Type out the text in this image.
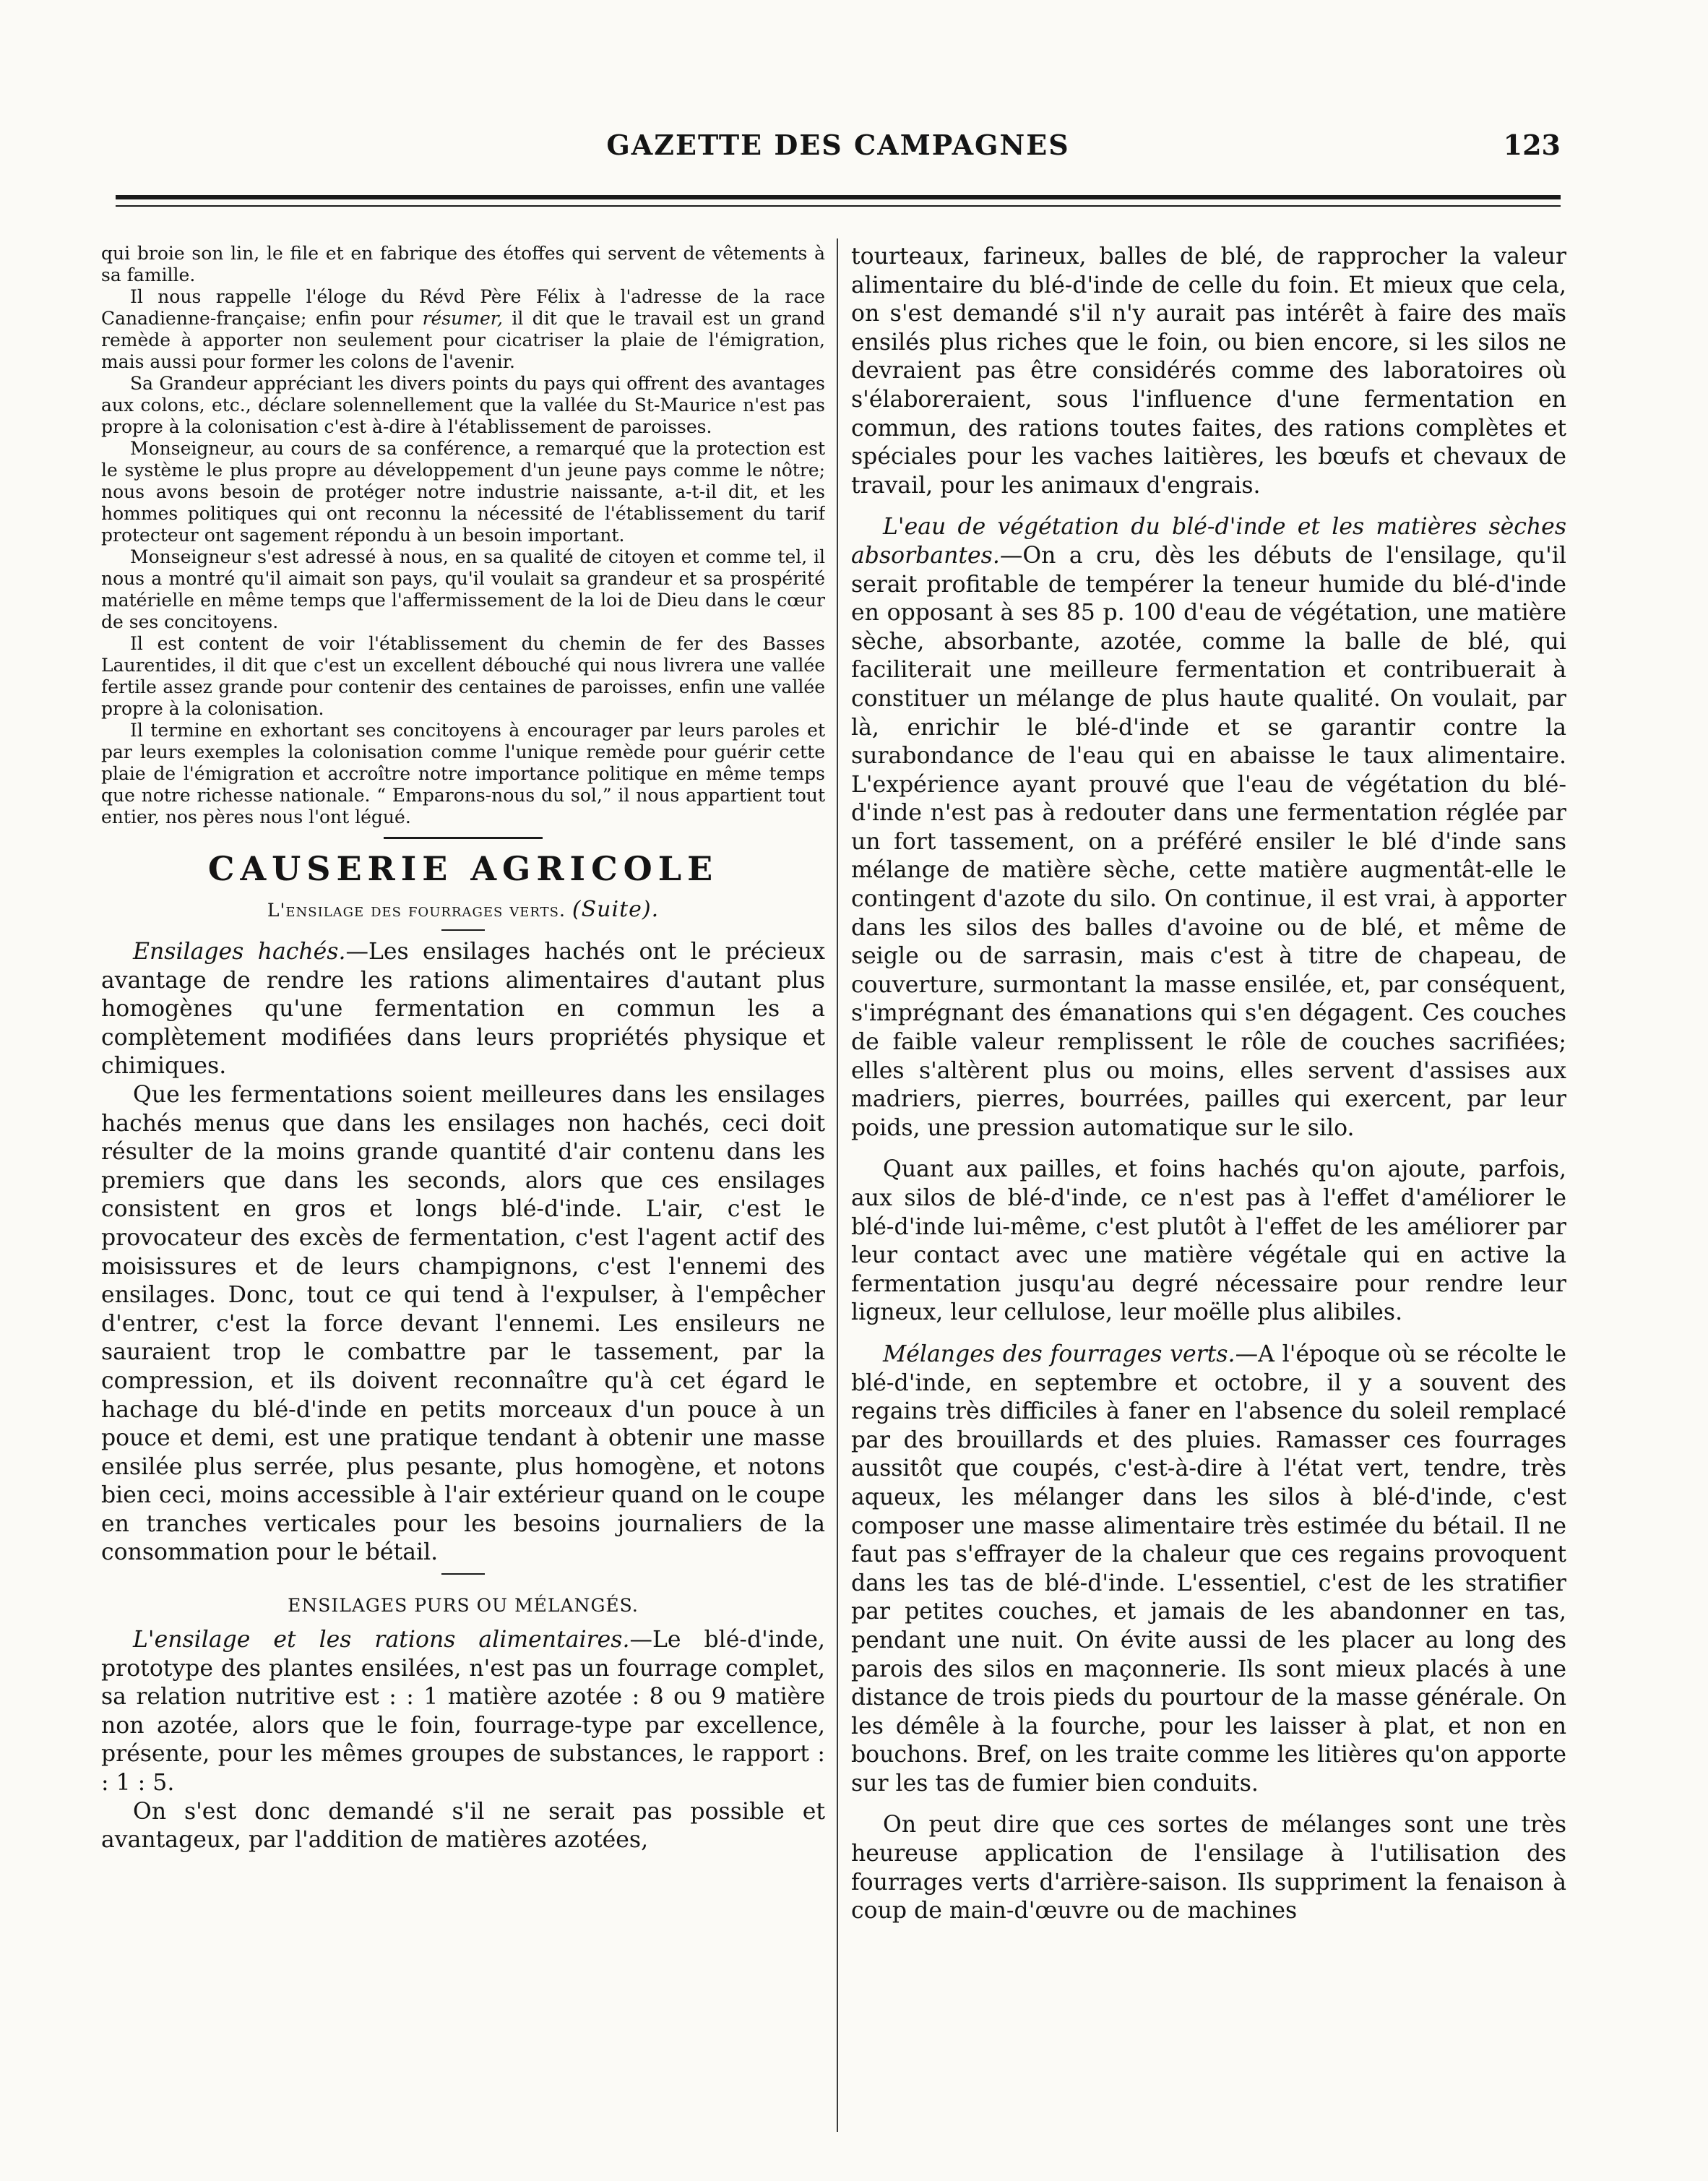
GAZETTE DES CAMPAGNES	123

qui broie son lin, le file et en fabrique des étoffes qui servent de vêtements à sa famille.

Il nous rappelle l'éloge du Révd Père Félix à l'adresse de la race Canadienne-française; enfin pour résumer, il dit que le travail est un grand remède à apporter non seulement pour cicatriser la plaie de l'émigration, mais aussi pour former les colons de l'avenir.

Sa Grandeur appréciant les divers points du pays qui offrent des avantages aux colons, etc., déclare solennellement que la vallée du St-Maurice n'est pas propre à la colonisation c'est à-dire à l'établissement de paroisses.

Monseigneur, au cours de sa conférence, a remarqué que la protection est le système le plus propre au développement d'un jeune pays comme le nôtre; nous avons besoin de protéger notre industrie naissante, a-t-il dit, et les hommes politiques qui ont reconnu la nécessité de l'établissement du tarif protecteur ont sagement répondu à un besoin important.

Monseigneur s'est adressé à nous, en sa qualité de citoyen et comme tel, il nous a montré qu'il aimait son pays, qu'il voulait sa grandeur et sa prospérité matérielle en même temps que l'affermissement de la loi de Dieu dans le cœur de ses concitoyens.

Il est content de voir l'établissement du chemin de fer des Basses Laurentides, il dit que c'est un excellent débouché qui nous livrera une vallée fertile assez grande pour contenir des centaines de paroisses, enfin une vallée propre à la colonisation.

Il termine en exhortant ses concitoyens à encourager par leurs paroles et par leurs exemples la colonisation comme l'unique remède pour guérir cette plaie de l'émigration et accroître notre importance politique en même temps que notre richesse nationale. “ Emparons-nous du sol,” il nous appartient tout entier, nos pères nous l'ont légué.

CAUSERIE AGRICOLE

L'ensilage des fourrages verts. (Suite).

Ensilages hachés.—Les ensilages hachés ont le précieux avantage de rendre les rations alimentaires d'autant plus homogènes qu'une fermentation en commun les a complètement modifiées dans leurs propriétés physique et chimiques.

Que les fermentations soient meilleures dans les ensilages hachés menus que dans les ensilages non hachés, ceci doit résulter de la moins grande quantité d'air contenu dans les premiers que dans les seconds, alors que ces ensilages consistent en gros et longs blé-d'inde. L'air, c'est le provocateur des excès de fermentation, c'est l'agent actif des moisissures et de leurs champignons, c'est l'ennemi des ensilages. Donc, tout ce qui tend à l'expulser, à l'empêcher d'entrer, c'est la force devant l'ennemi. Les ensileurs ne sauraient trop le combattre par le tassement, par la compression, et ils doivent reconnaître qu'à cet égard le hachage du blé-d'inde en petits morceaux d'un pouce à un pouce et demi, est une pratique tendant à obtenir une masse ensilée plus serrée, plus pesante, plus homogène, et notons bien ceci, moins accessible à l'air extérieur quand on le coupe en tranches verticales pour les besoins journaliers de la consommation pour le bétail.

ENSILAGES PURS OU MÉLANGÉS.

L'ensilage et les rations alimentaires.—Le blé-d'inde, prototype des plantes ensilées, n'est pas un fourrage complet, sa relation nutritive est : : 1 matière azotée : 8 ou 9 matière non azotée, alors que le foin, fourrage-type par excellence, présente, pour les mêmes groupes de substances, le rapport : : 1 : 5.

On s'est donc demandé s'il ne serait pas possible et avantageux, par l'addition de matières azotées,

tourteaux, farineux, balles de blé, de rapprocher la valeur alimentaire du blé-d'inde de celle du foin. Et mieux que cela, on s'est demandé s'il n'y aurait pas intérêt à faire des maïs ensilés plus riches que le foin, ou bien encore, si les silos ne devraient pas être considérés comme des laboratoires où s'élaboreraient, sous l'influence d'une fermentation en commun, des rations toutes faites, des rations complètes et spéciales pour les vaches laitières, les bœufs et chevaux de travail, pour les animaux d'engrais.

L'eau de végétation du blé-d'inde et les matières sèches absorbantes.—On a cru, dès les débuts de l'ensilage, qu'il serait profitable de tempérer la teneur humide du blé-d'inde en opposant à ses 85 p. 100 d'eau de végétation, une matière sèche, absorbante, azotée, comme la balle de blé, qui faciliterait une meilleure fermentation et contribuerait à constituer un mélange de plus haute qualité. On voulait, par là, enrichir le blé-d'inde et se garantir contre la surabondance de l'eau qui en abaisse le taux alimentaire. L'expérience ayant prouvé que l'eau de végétation du blé-d'inde n'est pas à redouter dans une fermentation réglée par un fort tassement, on a préféré ensiler le blé d'inde sans mélange de matière sèche, cette matière augmentât-elle le contingent d'azote du silo. On continue, il est vrai, à apporter dans les silos des balles d'avoine ou de blé, et même de seigle ou de sarrasin, mais c'est à titre de chapeau, de couverture, surmontant la masse ensilée, et, par conséquent, s'imprégnant des émanations qui s'en dégagent. Ces couches de faible valeur remplissent le rôle de couches sacrifiées; elles s'altèrent plus ou moins, elles servent d'assises aux madriers, pierres, bourrées, pailles qui exercent, par leur poids, une pression automatique sur le silo.

Quant aux pailles, et foins hachés qu'on ajoute, parfois, aux silos de blé-d'inde, ce n'est pas à l'effet d'améliorer le blé-d'inde lui-même, c'est plutôt à l'effet de les améliorer par leur contact avec une matière végétale qui en active la fermentation jusqu'au degré nécessaire pour rendre leur ligneux, leur cellulose, leur moëlle plus alibiles.

Mélanges des fourrages verts.—A l'époque où se récolte le blé-d'inde, en septembre et octobre, il y a souvent des regains très difficiles à faner en l'absence du soleil remplacé par des brouillards et des pluies. Ramasser ces fourrages aussitôt que coupés, c'est-à-dire à l'état vert, tendre, très aqueux, les mélanger dans les silos à blé-d'inde, c'est composer une masse alimentaire très estimée du bétail. Il ne faut pas s'effrayer de la chaleur que ces regains provoquent dans les tas de blé-d'inde. L'essentiel, c'est de les stratifier par petites couches, et jamais de les abandonner en tas, pendant une nuit. On évite aussi de les placer au long des parois des silos en maçonnerie. Ils sont mieux placés à une distance de trois pieds du pourtour de la masse générale. On les démêle à la fourche, pour les laisser à plat, et non en bouchons. Bref, on les traite comme les litières qu'on apporte sur les tas de fumier bien conduits.

On peut dire que ces sortes de mélanges sont une très heureuse application de l'ensilage à l'utilisation des fourrages verts d'arrière-saison. Ils suppriment la fenaison à coup de main-d'œuvre ou de machines
